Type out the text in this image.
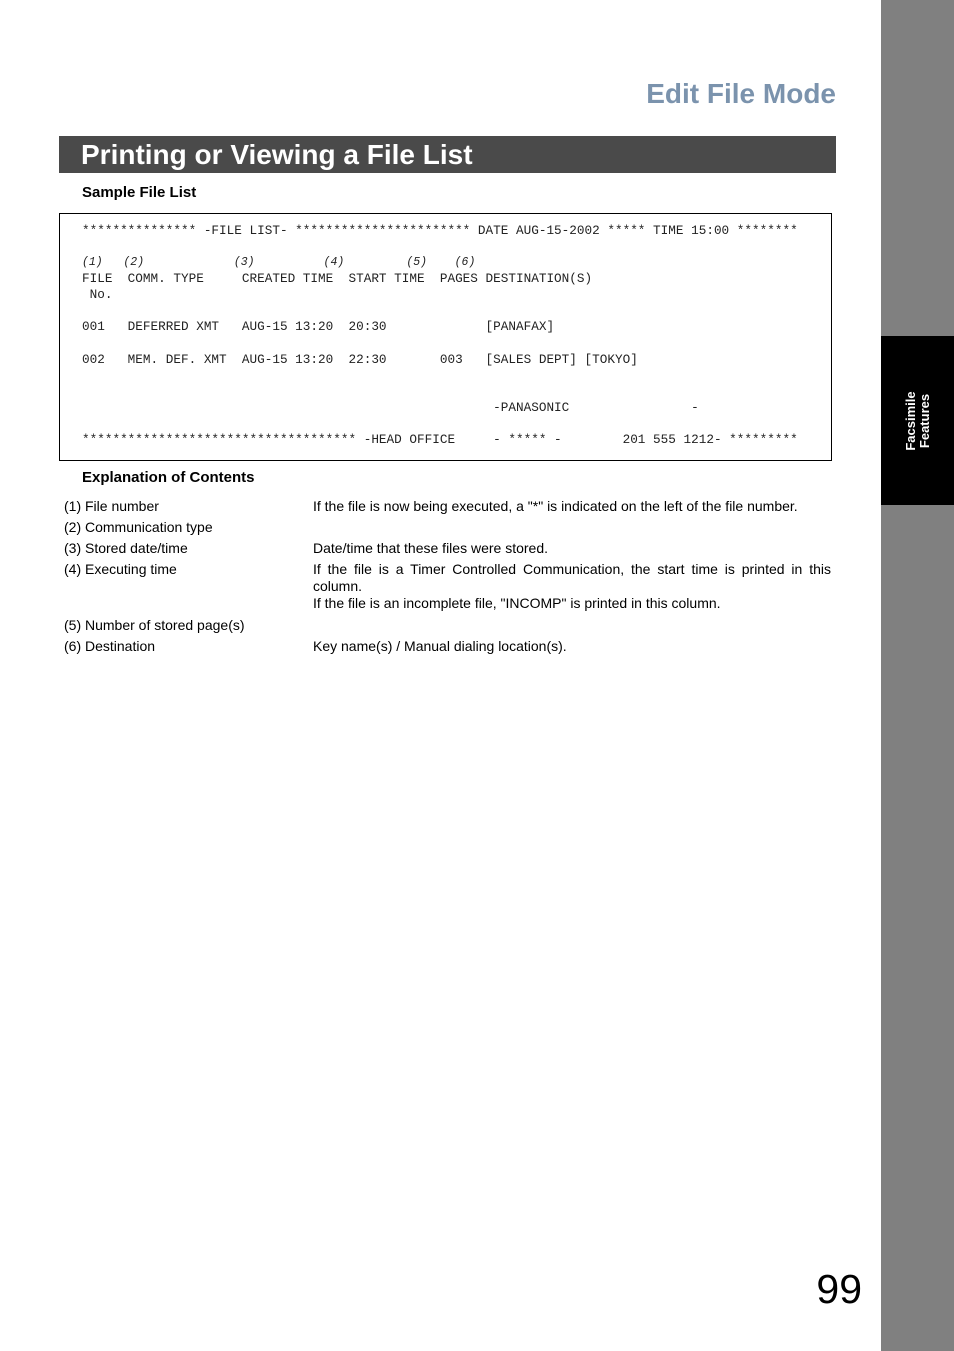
Facsimile Features
Edit File Mode
Printing or Viewing a File List
Sample File List
*************** -FILE LIST- *********************** DATE AUG-15-2002 ***** TIME 15:00 ********
(1)   (2)             (3)          (4)         (5)    (6)
FILE  COMM. TYPE     CREATED TIME  START TIME  PAGES DESTINATION(S)
No.
001   DEFERRED XMT   AUG-15 13:20  20:30             [PANAFAX]
002   MEM. DEF. XMT  AUG-15 13:20  22:30       003   [SALES DEPT] [TOKYO]
-PANASONIC                -
************************************ -HEAD OFFICE     - ***** -        201 555 1212- *********
Explanation of Contents
(1) File number	If the file is now being executed, a "*" is indicated on the left of the file number.
(2) Communication type
(3) Stored date/time	Date/time that these files were stored.
(4) Executing time	If the file is a Timer Controlled Communication, the start time is printed in this column.
If the file is an incomplete file, "INCOMP" is printed in this column.
(5) Number of stored page(s)
(6) Destination	Key name(s) / Manual dialing location(s).
99
